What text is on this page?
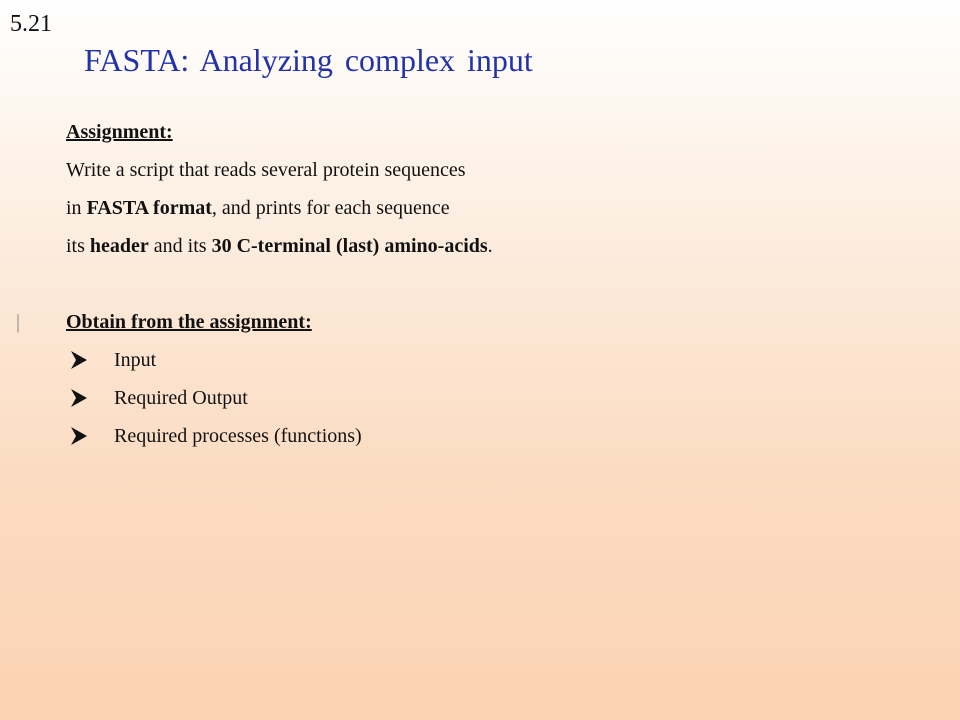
5.21
FASTA: Analyzing complex input
Assignment:
Write a script that reads several protein sequences
in FASTA format, and prints for each sequence
its header and its 30 C-terminal (last) amino-acids.
| Obtain from the assignment:
Input
Required Output
Required processes (functions)
